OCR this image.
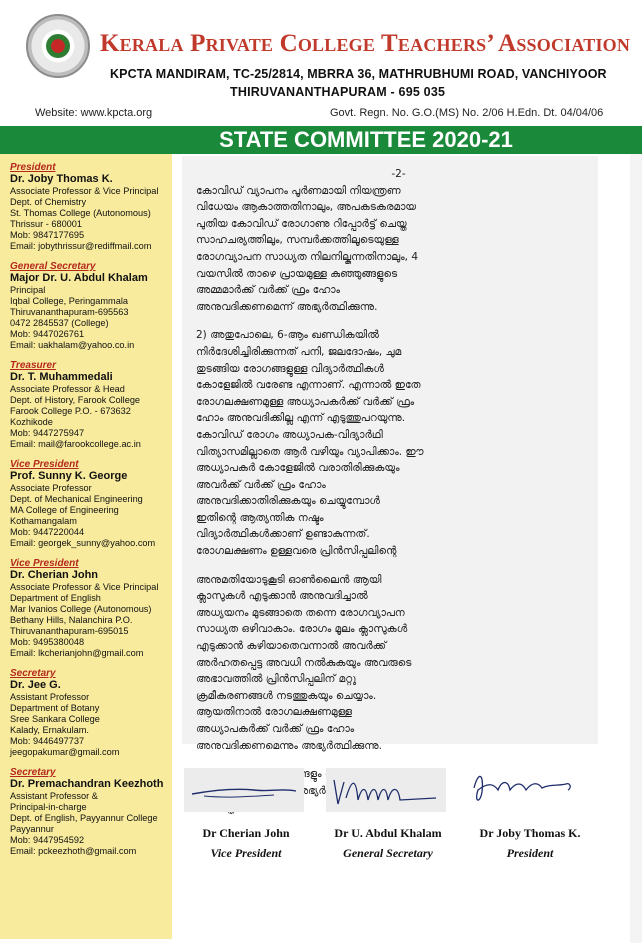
Kerala Private College Teachers’ Association
KPCTA MANDIRAM, TC-25/2814, MBRRA 36, MATHRUBHUMI ROAD, VANCHIYOOR
THIRUVANANTHAPURAM - 695 035
Website: www.kpcta.org	Govt. Regn. No. G.O.(MS) No. 2/06 H.Edn. Dt. 04/04/06
STATE COMMITTEE 2020-21
President
Dr. Joby Thomas K.
Associate Professor & Vice Principal
Dept. of Chemistry
St. Thomas College (Autonomous)
Thrissur - 680001
Mob: 9847177695
Email: jobythrissur@rediffmail.com
General Secretary
Major Dr. U. Abdul Khalam
Principal
Iqbal College, Peringammala
Thiruvananthapuram-695563
0472 2845537 (College)
Mob: 9447026761
Email: uakhalam@yahoo.co.in
Treasurer
Dr. T. Muhammedali
Associate Professor & Head
Dept. of History, Farook College
Farook College P.O. - 673632
Kozhikode
Mob: 9447275947
Email: mail@farookcollege.ac.in
Vice President
Prof. Sunny K. George
Associate Professor
Dept. of Mechanical Engineering
MA College of Engineering
Kothamangalam
Mob: 9447220044
Email: georgek_sunny@yahoo.com
Vice President
Dr. Cherian John
Associate Professor & Vice Principal
Department of English
Mar Ivanios College (Autonomous)
Bethany Hills, Nalanchira P.O.
Thiruvananthapuram-695015
Mob: 9495380048
Email: lkcherianjohn@gmail.com
Secretary
Dr. Jee G.
Assistant Professor
Department of Botany
Sree Sankara College
Kalady, Ernakulam.
Mob: 9446497737
jeegopakumar@gmail.com
Secretary
Dr. Premachandran Keezhoth
Assistant Professor &
Principal-in-charge
Dept. of English, Payyannur College
Payyannur
Mob: 9447954592
Email: pckeezhoth@gmail.com
-2-

കോവിഡ് വ്യാപനം പൂർണമായി നിയന്ത്രണ

വിധേയം ആകാത്തതിനാലും, അപകടകരമായ

പുതിയ കോവിഡ് രോഗാണു റിപ്പോർട്ട് ചെയ്ത

സാഹചര്യത്തിലും, സമ്പർക്കത്തിലൂടെയുള്ള

രോഗവ്യാപന സാധ്യത നിലനില്കുന്നതിനാലും, 4

വയസിൽ താഴെ പ്രായമുള്ള കുഞ്ഞുങ്ങളുടെ

അമ്മമാർക്ക് വർക്ക് ഫ്രം ഹോം

അനുവദിക്കണമെന്ന് അഭ്യർത്ഥിക്കുന്നു.

2) അതുപോലെ, 6-ആം ഖണ്ഡികയിൽ

നിർദേശിച്ചിരിക്കുന്നത് പനി, ജലദോഷം, ചുമ

തുടങ്ങിയ രോഗങ്ങളുള്ള വിദ്യാർത്ഥികൾ

കോളേജിൽ വരേണ്ട എന്നാണ്. എന്നാൽ ഇതേ

രോഗലക്ഷണമുള്ള അധ്യാപകർക്ക് വർക്ക് ഫ്രം

ഹോം അനുവദിക്കില്ല എന്ന് എടുത്തുപറയുന്നു.

കോവിഡ് രോഗം അധ്യാപക-വിദ്യാർഥി

വിത്യാസമില്ലാതെ ആർ വഴിയും വ്യാപിക്കാം. ഈ

അധ്യാപകർ കോളേജിൽ വരാതിരിക്കുകയും

അവർക്ക് വർക്ക് ഫ്രം ഹോം

അനുവദിക്കാതിരിക്കുകയും ചെയ്യുമ്പോൾ

ഇതിന്റെ ആത്യന്തിക നഷ്ടം

വിദ്യാർത്ഥികൾക്കാണ് ഉണ്ടാകുന്നത്.

രോഗലക്ഷണം ഉള്ളവരെ പ്രിൻസിപ്പലിന്റെ

അനുമതിയോടുകൂടി ഓൺലൈൻ ആയി

ക്ലാസുകൾ എടുക്കാൻ അനുവദിച്ചാൽ

അധ്യയനം മുടങ്ങാതെ തന്നെ രോഗവ്യാപന

സാധ്യത ഒഴിവാകാം. രോഗം മൂലം ക്ലാസുകൾ

എടുക്കാൻ കഴിയാതെവന്നാൽ അവർക്ക്

അർഹതപ്പെട്ട അവധി നൽകുകയും അവരുടെ

അഭാവത്തിൽ പ്രിൻസിപ്പലിന് മറ്റു

ക്രമീകരണങ്ങൾ നടത്തുകയും ചെയ്യാം.

ആയതിനാൽ രോഗലക്ഷണമുള്ള

അധ്യാപകർക്ക് വർക്ക് ഫ്രം ഹോം

അനുവദിക്കണമെന്നും അഭ്യർത്ഥിക്കുന്നു.

Dr Cherian John
Vice President
Dr U. Abdul Khalam
General Secretary
Dr Joby Thomas K.
President
